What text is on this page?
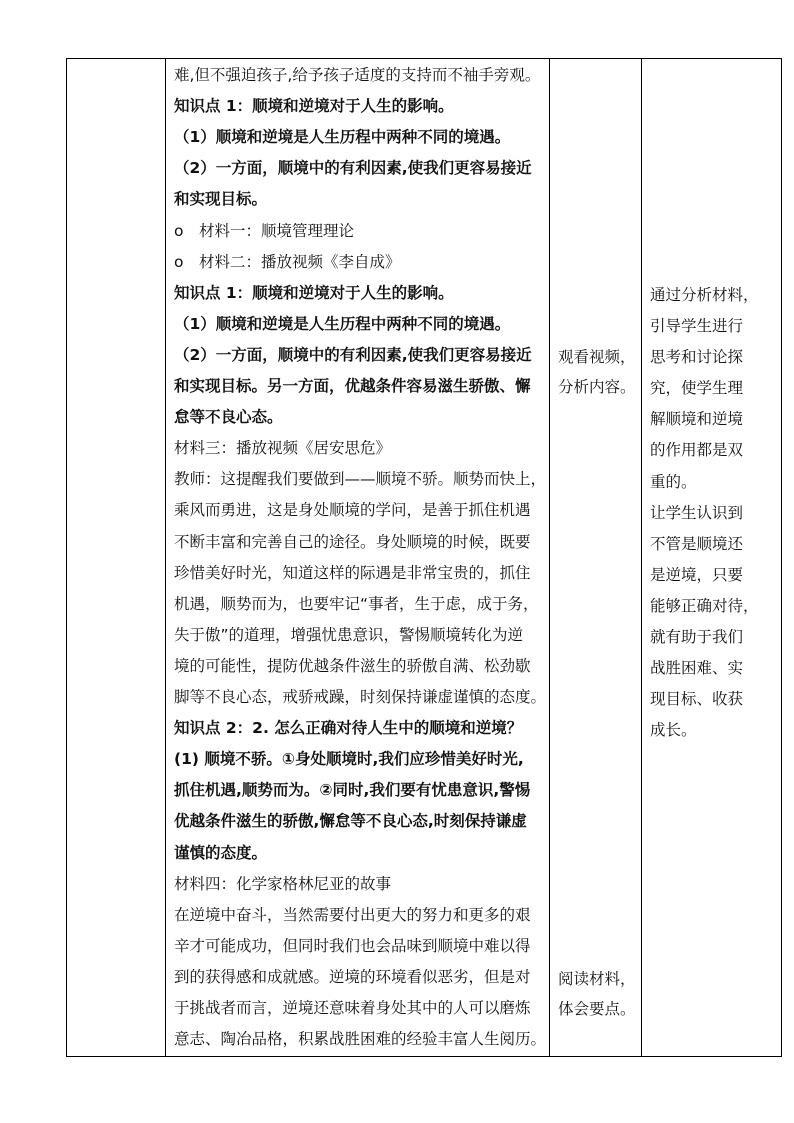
难,但不强迫孩子,给予孩子适度的支持而不袖手旁观。
知识点 1：顺境和逆境对于人生的影响。
（1）顺境和逆境是人生历程中两种不同的境遇。
（2）一方面，顺境中的有利因素,使我们更容易接近
和实现目标。
o　材料一：顺境管理理论
o　材料二：播放视频《李自成》
知识点 1：顺境和逆境对于人生的影响。
（1）顺境和逆境是人生历程中两种不同的境遇。
（2）一方面，顺境中的有利因素,使我们更容易接近
和实现目标。另一方面，优越条件容易滋生骄傲、懈
怠等不良心态。
材料三：播放视频《居安思危》
教师：这提醒我们要做到——顺境不骄。顺势而快上，
乘风而勇进，这是身处顺境的学问，是善于抓住机遇
不断丰富和完善自己的途径。身处顺境的时候，既要
珍惜美好时光，知道这样的际遇是非常宝贵的，抓住
机遇，顺势而为，也要牢记“事者，生于虑，成于务，
失于傲”的道理，增强忧患意识，警惕顺境转化为逆
境的可能性，提防优越条件滋生的骄傲自满、松劲歇
脚等不良心态，戒骄戒躁，时刻保持谦虚谨慎的态度。
知识点 2：2. 怎么正确对待人生中的顺境和逆境？
(1) 顺境不骄。①身处顺境时,我们应珍惜美好时光,
抓住机遇,顺势而为。②同时,我们要有忧患意识,警惕
优越条件滋生的骄傲,懈怠等不良心态,时刻保持谦虚
谨慎的态度。
材料四：化学家格林尼亚的故事
在逆境中奋斗，当然需要付出更大的努力和更多的艰
辛才可能成功，但同时我们也会品味到顺境中难以得
到的获得感和成就感。逆境的环境看似恶劣，但是对
于挑战者而言，逆境还意味着身处其中的人可以磨炼
意志、陶冶品格，积累战胜困难的经验丰富人生阅历。
观看视频，
分析内容。
阅读材料，
体会要点。
通过分析材料，
引导学生进行
思考和讨论探
究，使学生理
解顺境和逆境
的作用都是双
重的。
让学生认识到
不管是顺境还
是逆境，只要
能够正确对待，
就有助于我们
战胜困难、实
现目标、收获
成长。
